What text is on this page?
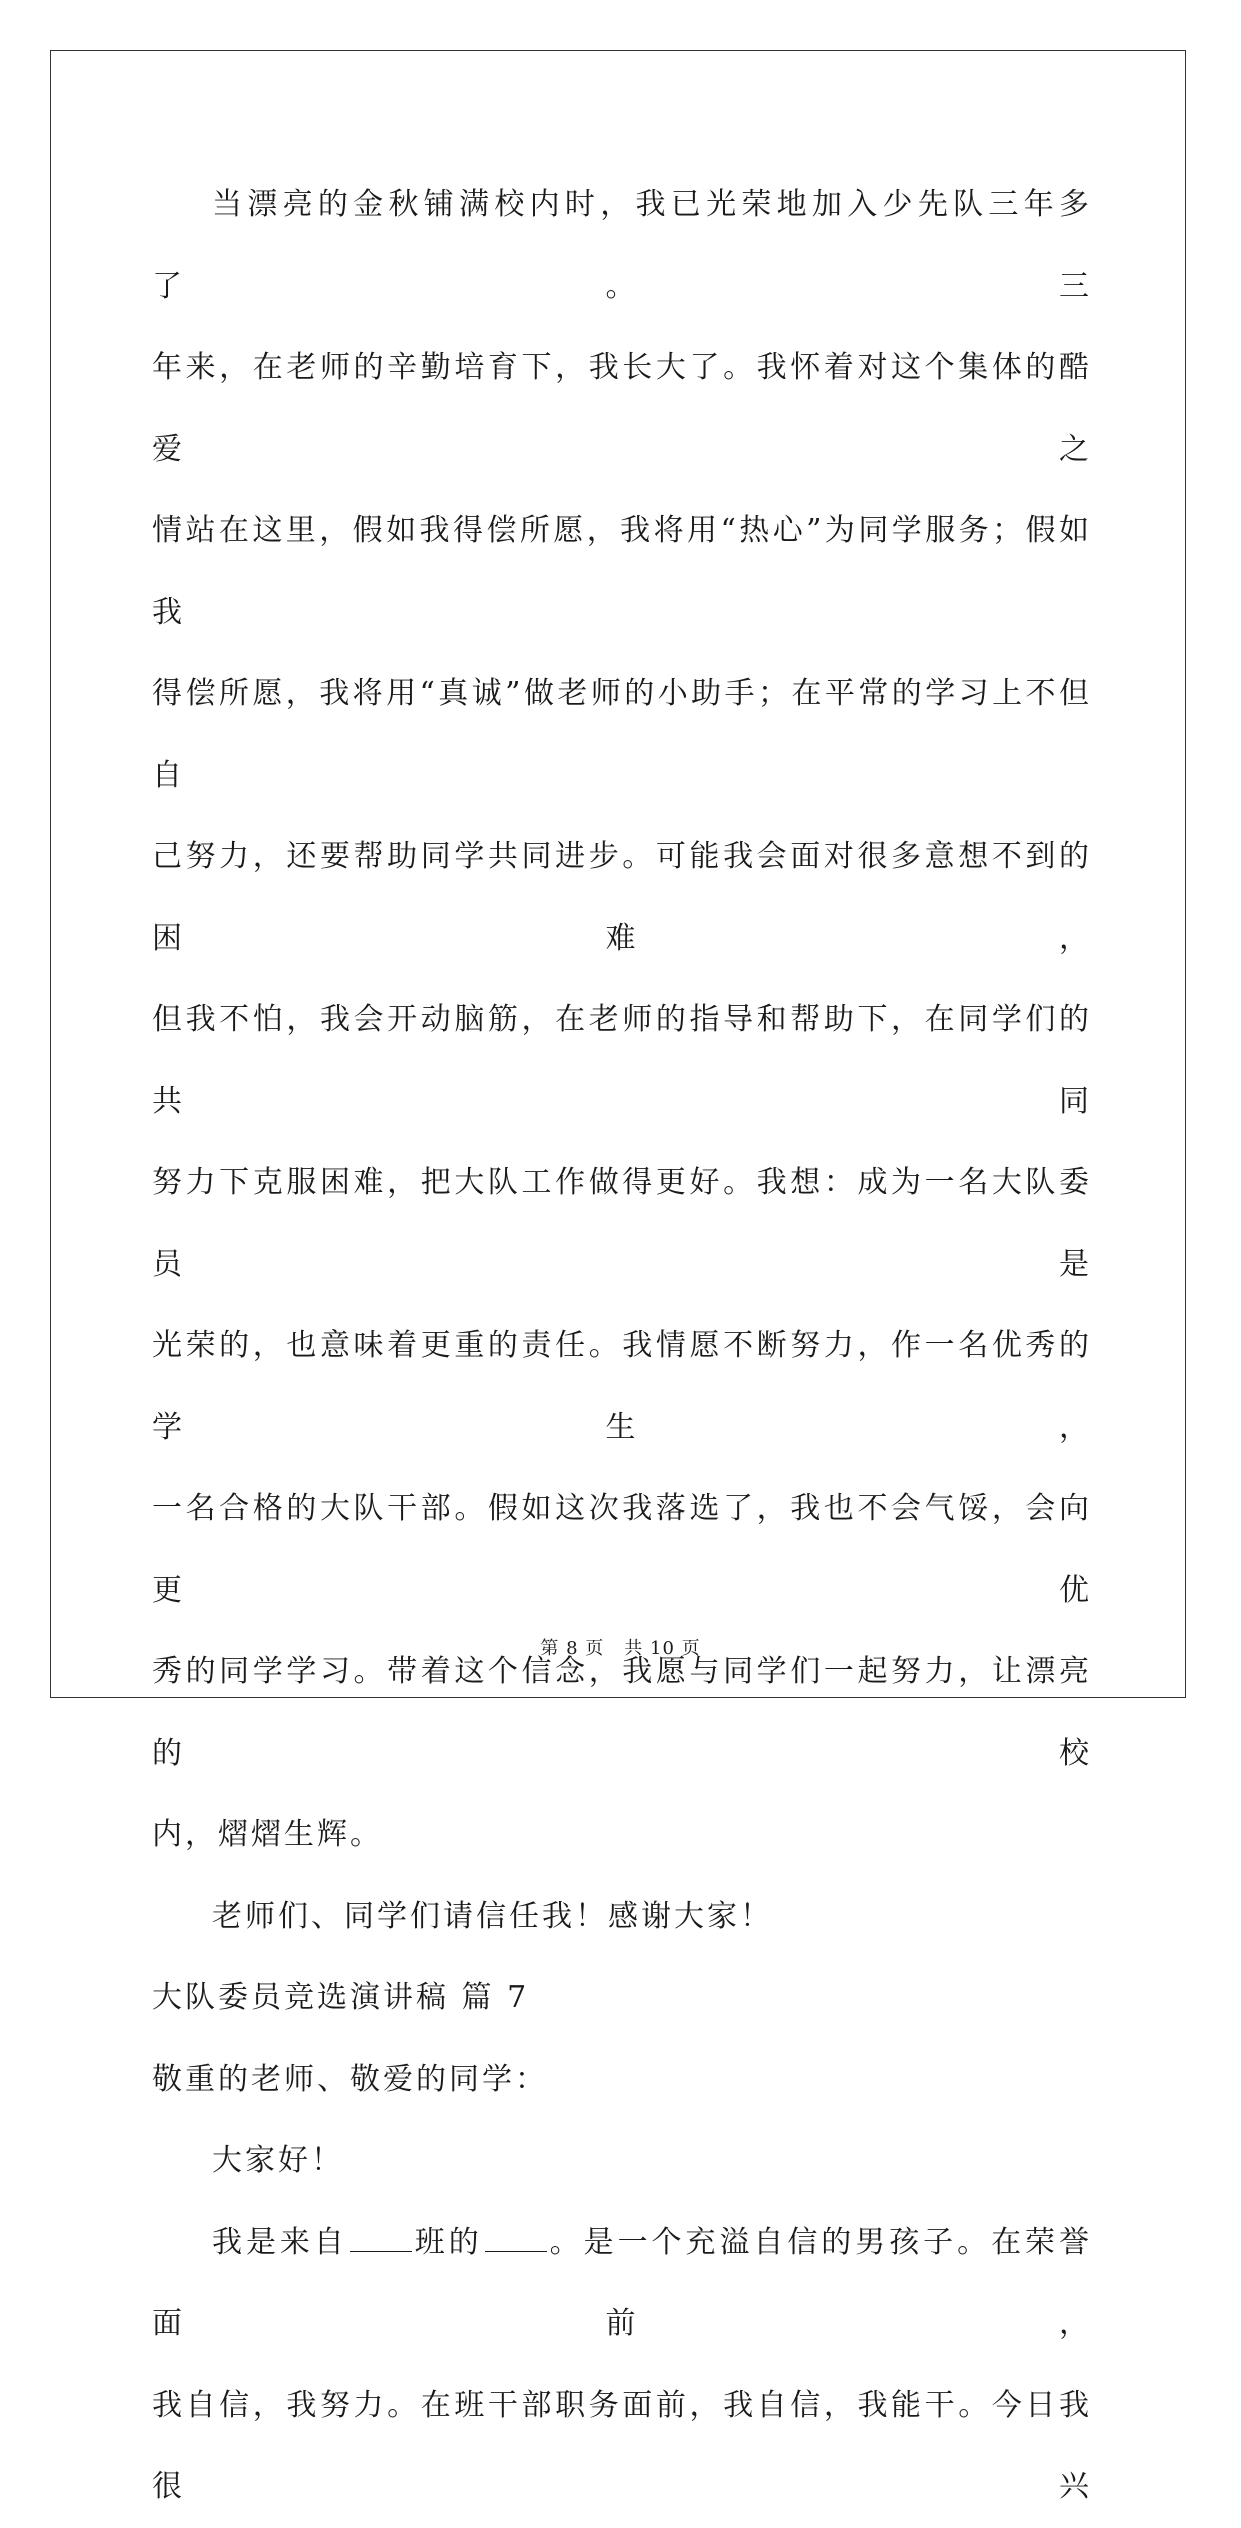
当漂亮的金秋铺满校内时，我已光荣地加入少先队三年多了。三
年来，在老师的辛勤培育下，我长大了。我怀着对这个集体的酷爱之
情站在这里，假如我得偿所愿，我将用“热心”为同学服务；假如我
得偿所愿，我将用“真诚”做老师的小助手；在平常的学习上不但自
己努力，还要帮助同学共同进步。可能我会面对很多意想不到的困难，
但我不怕，我会开动脑筋，在老师的指导和帮助下，在同学们的共同
努力下克服困难，把大队工作做得更好。我想：成为一名大队委员是
光荣的，也意味着更重的责任。我情愿不断努力，作一名优秀的学生，
一名合格的大队干部。假如这次我落选了，我也不会气馁，会向更优
秀的同学学习。带着这个信念，我愿与同学们一起努力，让漂亮的校
内，熠熠生辉。

老师们、同学们请信任我！感谢大家！

大队委员竞选演讲稿 篇 7

敬重的老师、敬爱的同学：

大家好！

我是来自 班的 。是一个充溢自信的男孩子。在荣誉面前，
我自信，我努力。在班干部职务面前，我自信，我能干。今日我很兴
第 8 页 共 10 页
